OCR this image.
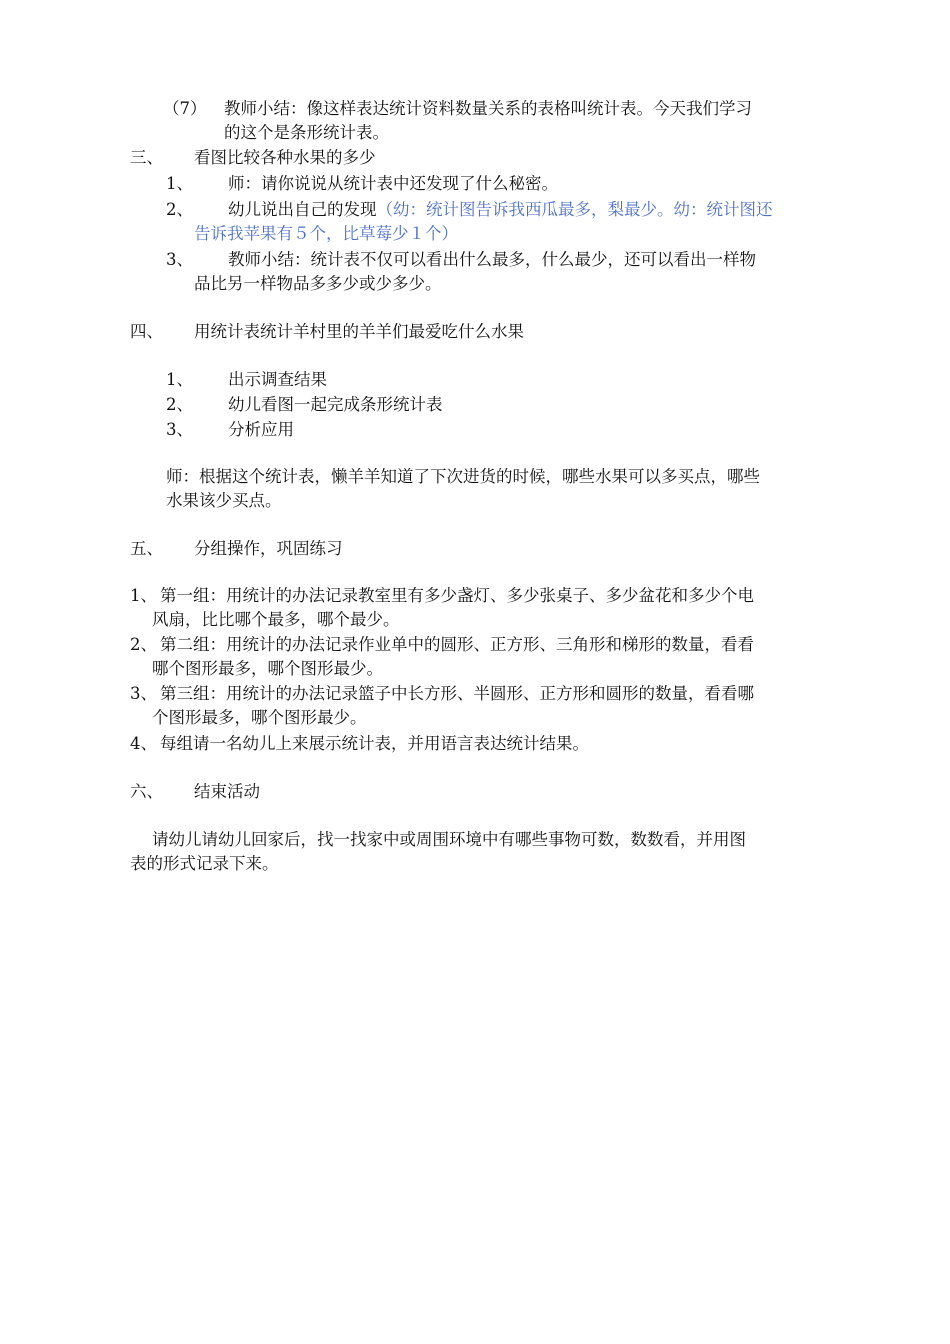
（7） 教师小结：像这样表达统计资料数量关系的表格叫统计表。今天我们学习
的这个是条形统计表。
三、 看图比较各种水果的多少
1、 师：请你说说从统计表中还发现了什么秘密。
2、 幼儿说出自己的发现（幼：统计图告诉我西瓜最多，梨最少。幼：统计图还
告诉我苹果有５个，比草莓少１个）
3、 教师小结：统计表不仅可以看出什么最多，什么最少，还可以看出一样物
品比另一样物品多多少或少多少。
四、 用统计表统计羊村里的羊羊们最爱吃什么水果
1、 出示调查结果
2、 幼儿看图一起完成条形统计表
3、 分析应用
师：根据这个统计表，懒羊羊知道了下次进货的时候，哪些水果可以多买点，哪些
水果该少买点。
五、 分组操作，巩固练习
1、 第一组：用统计的办法记录教室里有多少盏灯、多少张桌子、多少盆花和多少个电
风扇，比比哪个最多，哪个最少。
2、 第二组：用统计的办法记录作业单中的圆形、正方形、三角形和梯形的数量，看看
哪个图形最多，哪个图形最少。
3、 第三组：用统计的办法记录篮子中长方形、半圆形、正方形和圆形的数量，看看哪
个图形最多，哪个图形最少。
4、 每组请一名幼儿上来展示统计表，并用语言表达统计结果。
六、 结束活动
请幼儿请幼儿回家后，找一找家中或周围环境中有哪些事物可数，数数看，并用图
表的形式记录下来。
